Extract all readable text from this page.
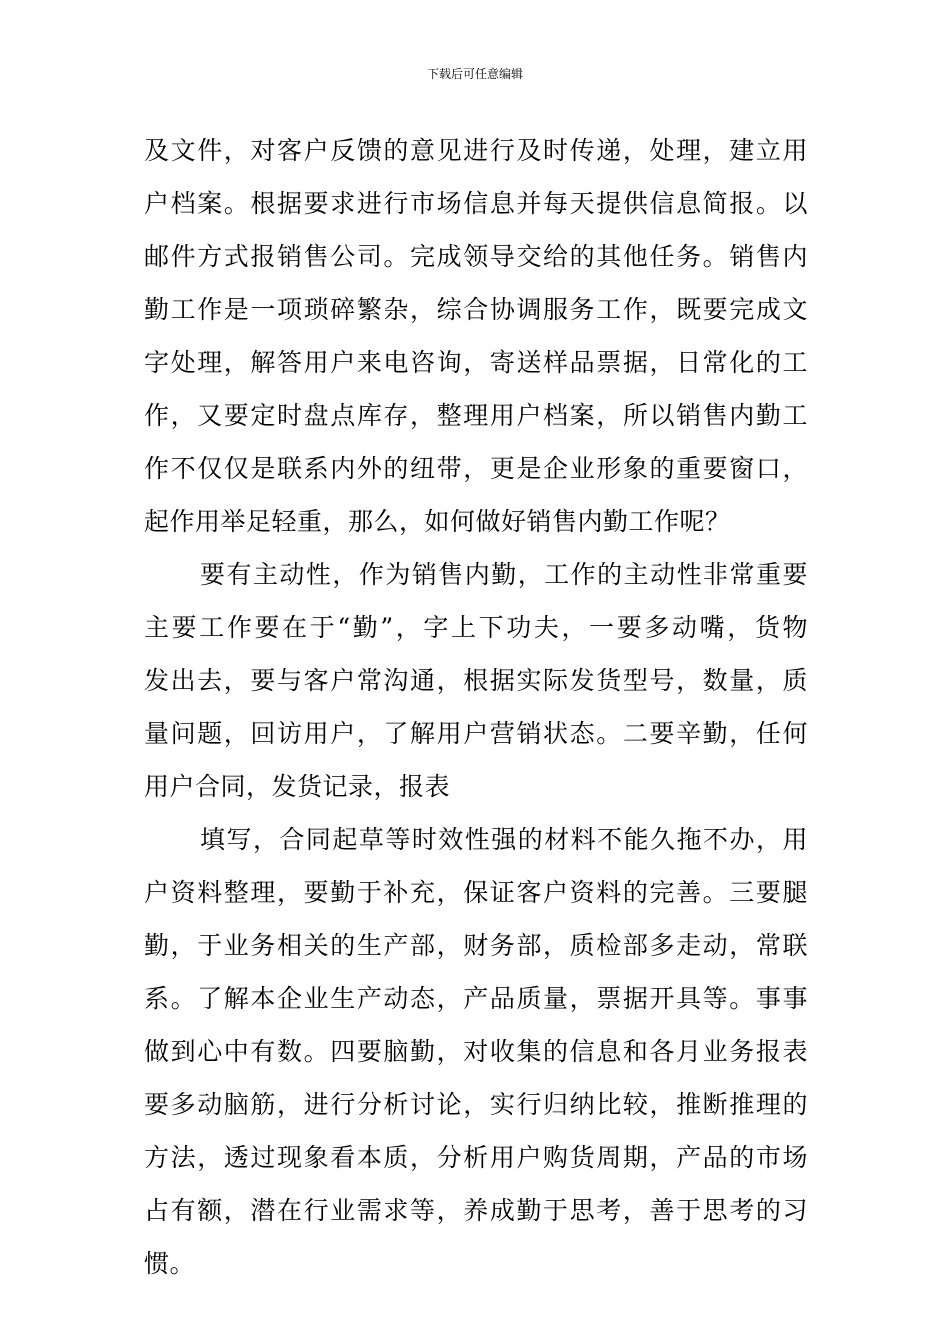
下载后可任意编辑
及文件，对客户反馈的意见进行及时传递，处理，建立用
户档案。根据要求进行市场信息并每天提供信息简报。以
邮件方式报销售公司。完成领导交给的其他任务。销售内
勤工作是一项琐碎繁杂，综合协调服务工作，既要完成文
字处理，解答用户来电咨询，寄送样品票据，日常化的工
作，又要定时盘点库存，整理用户档案，所以销售内勤工
作不仅仅是联系内外的纽带，更是企业形象的重要窗口，
起作用举足轻重，那么，如何做好销售内勤工作呢？
要有主动性，作为销售内勤，工作的主动性非常重要
主要工作要在于“勤”，字上下功夫，一要多动嘴，货物
发出去，要与客户常沟通，根据实际发货型号，数量，质
量问题，回访用户，了解用户营销状态。二要辛勤，任何
用户合同，发货记录，报表
填写，合同起草等时效性强的材料不能久拖不办，用
户资料整理，要勤于补充，保证客户资料的完善。三要腿
勤，于业务相关的生产部，财务部，质检部多走动，常联
系。了解本企业生产动态，产品质量，票据开具等。事事
做到心中有数。四要脑勤，对收集的信息和各月业务报表
要多动脑筋，进行分析讨论，实行归纳比较，推断推理的
方法，透过现象看本质，分析用户购货周期，产品的市场
占有额，潜在行业需求等，养成勤于思考，善于思考的习
惯。
